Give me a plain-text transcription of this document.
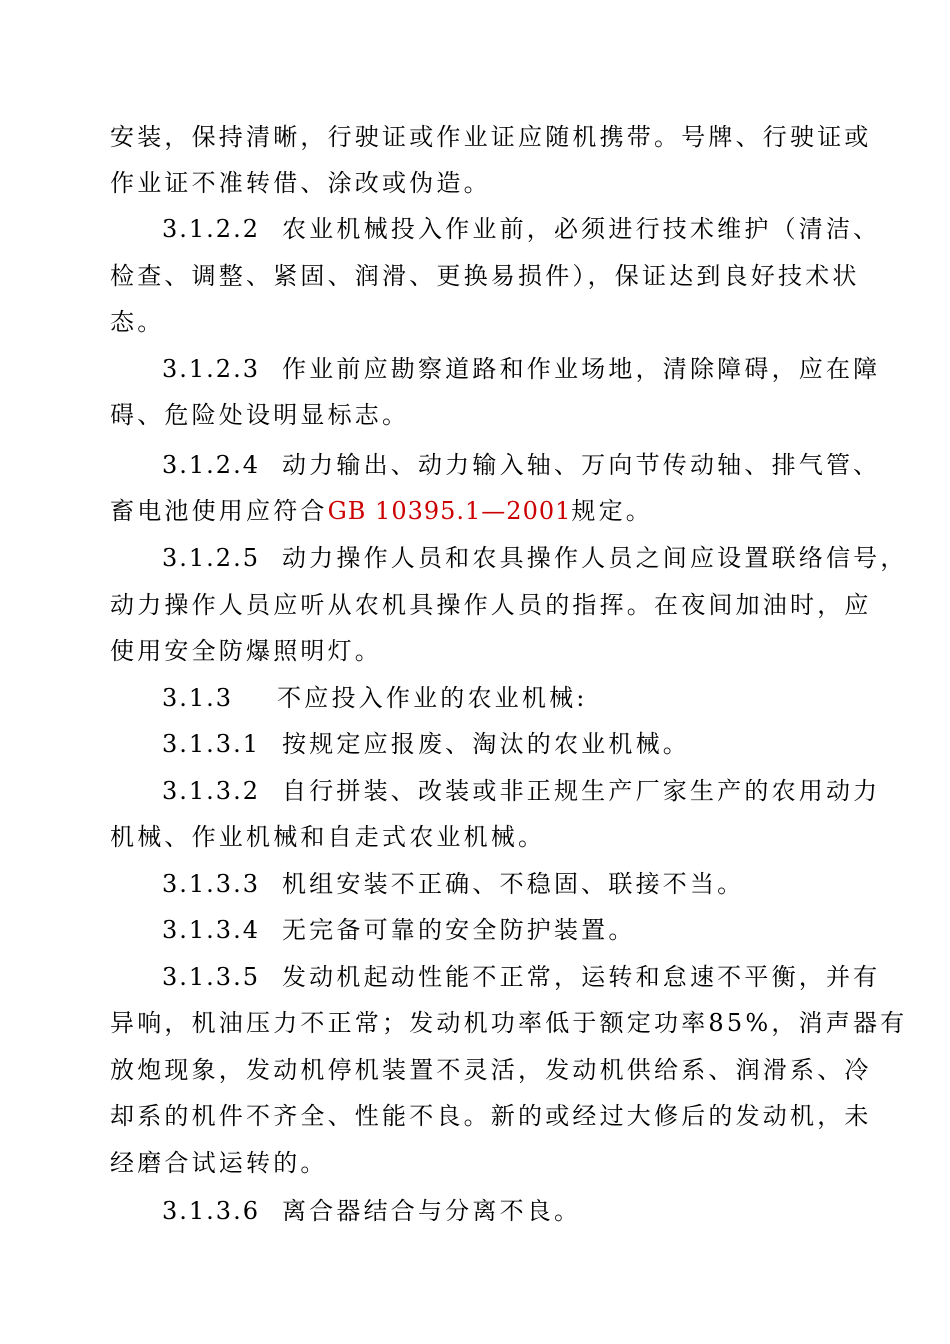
安装，保持清晰，行驶证或作业证应随机携带。号牌、行驶证或
作业证不准转借、涂改或伪造。
3.1.2.2 农业机械投入作业前，必须进行技术维护（清洁、
检查、调整、紧固、润滑、更换易损件），保证达到良好技术状
态。
3.1.2.3 作业前应勘察道路和作业场地，清除障碍，应在障
碍、危险处设明显标志。
3.1.2.4 动力输出、动力输入轴、万向节传动轴、排气管、
畜电池使用应符合GB 10395.1—2001规定。
3.1.2.5 动力操作人员和农具操作人员之间应设置联络信号，
动力操作人员应听从农机具操作人员的指挥。在夜间加油时，应
使用安全防爆照明灯。
3.1.3 不应投入作业的农业机械:
3.1.3.1 按规定应报废、淘汰的农业机械。
3.1.3.2 自行拼装、改装或非正规生产厂家生产的农用动力
机械、作业机械和自走式农业机械。
3.1.3.3 机组安装不正确、不稳固、联接不当。
3.1.3.4 无完备可靠的安全防护装置。
3.1.3.5 发动机起动性能不正常，运转和怠速不平衡，并有
异响，机油压力不正常；发动机功率低于额定功率85%，消声器有
放炮现象，发动机停机装置不灵活，发动机供给系、润滑系、冷
却系的机件不齐全、性能不良。新的或经过大修后的发动机，未
经磨合试运转的。
3.1.3.6 离合器结合与分离不良。
